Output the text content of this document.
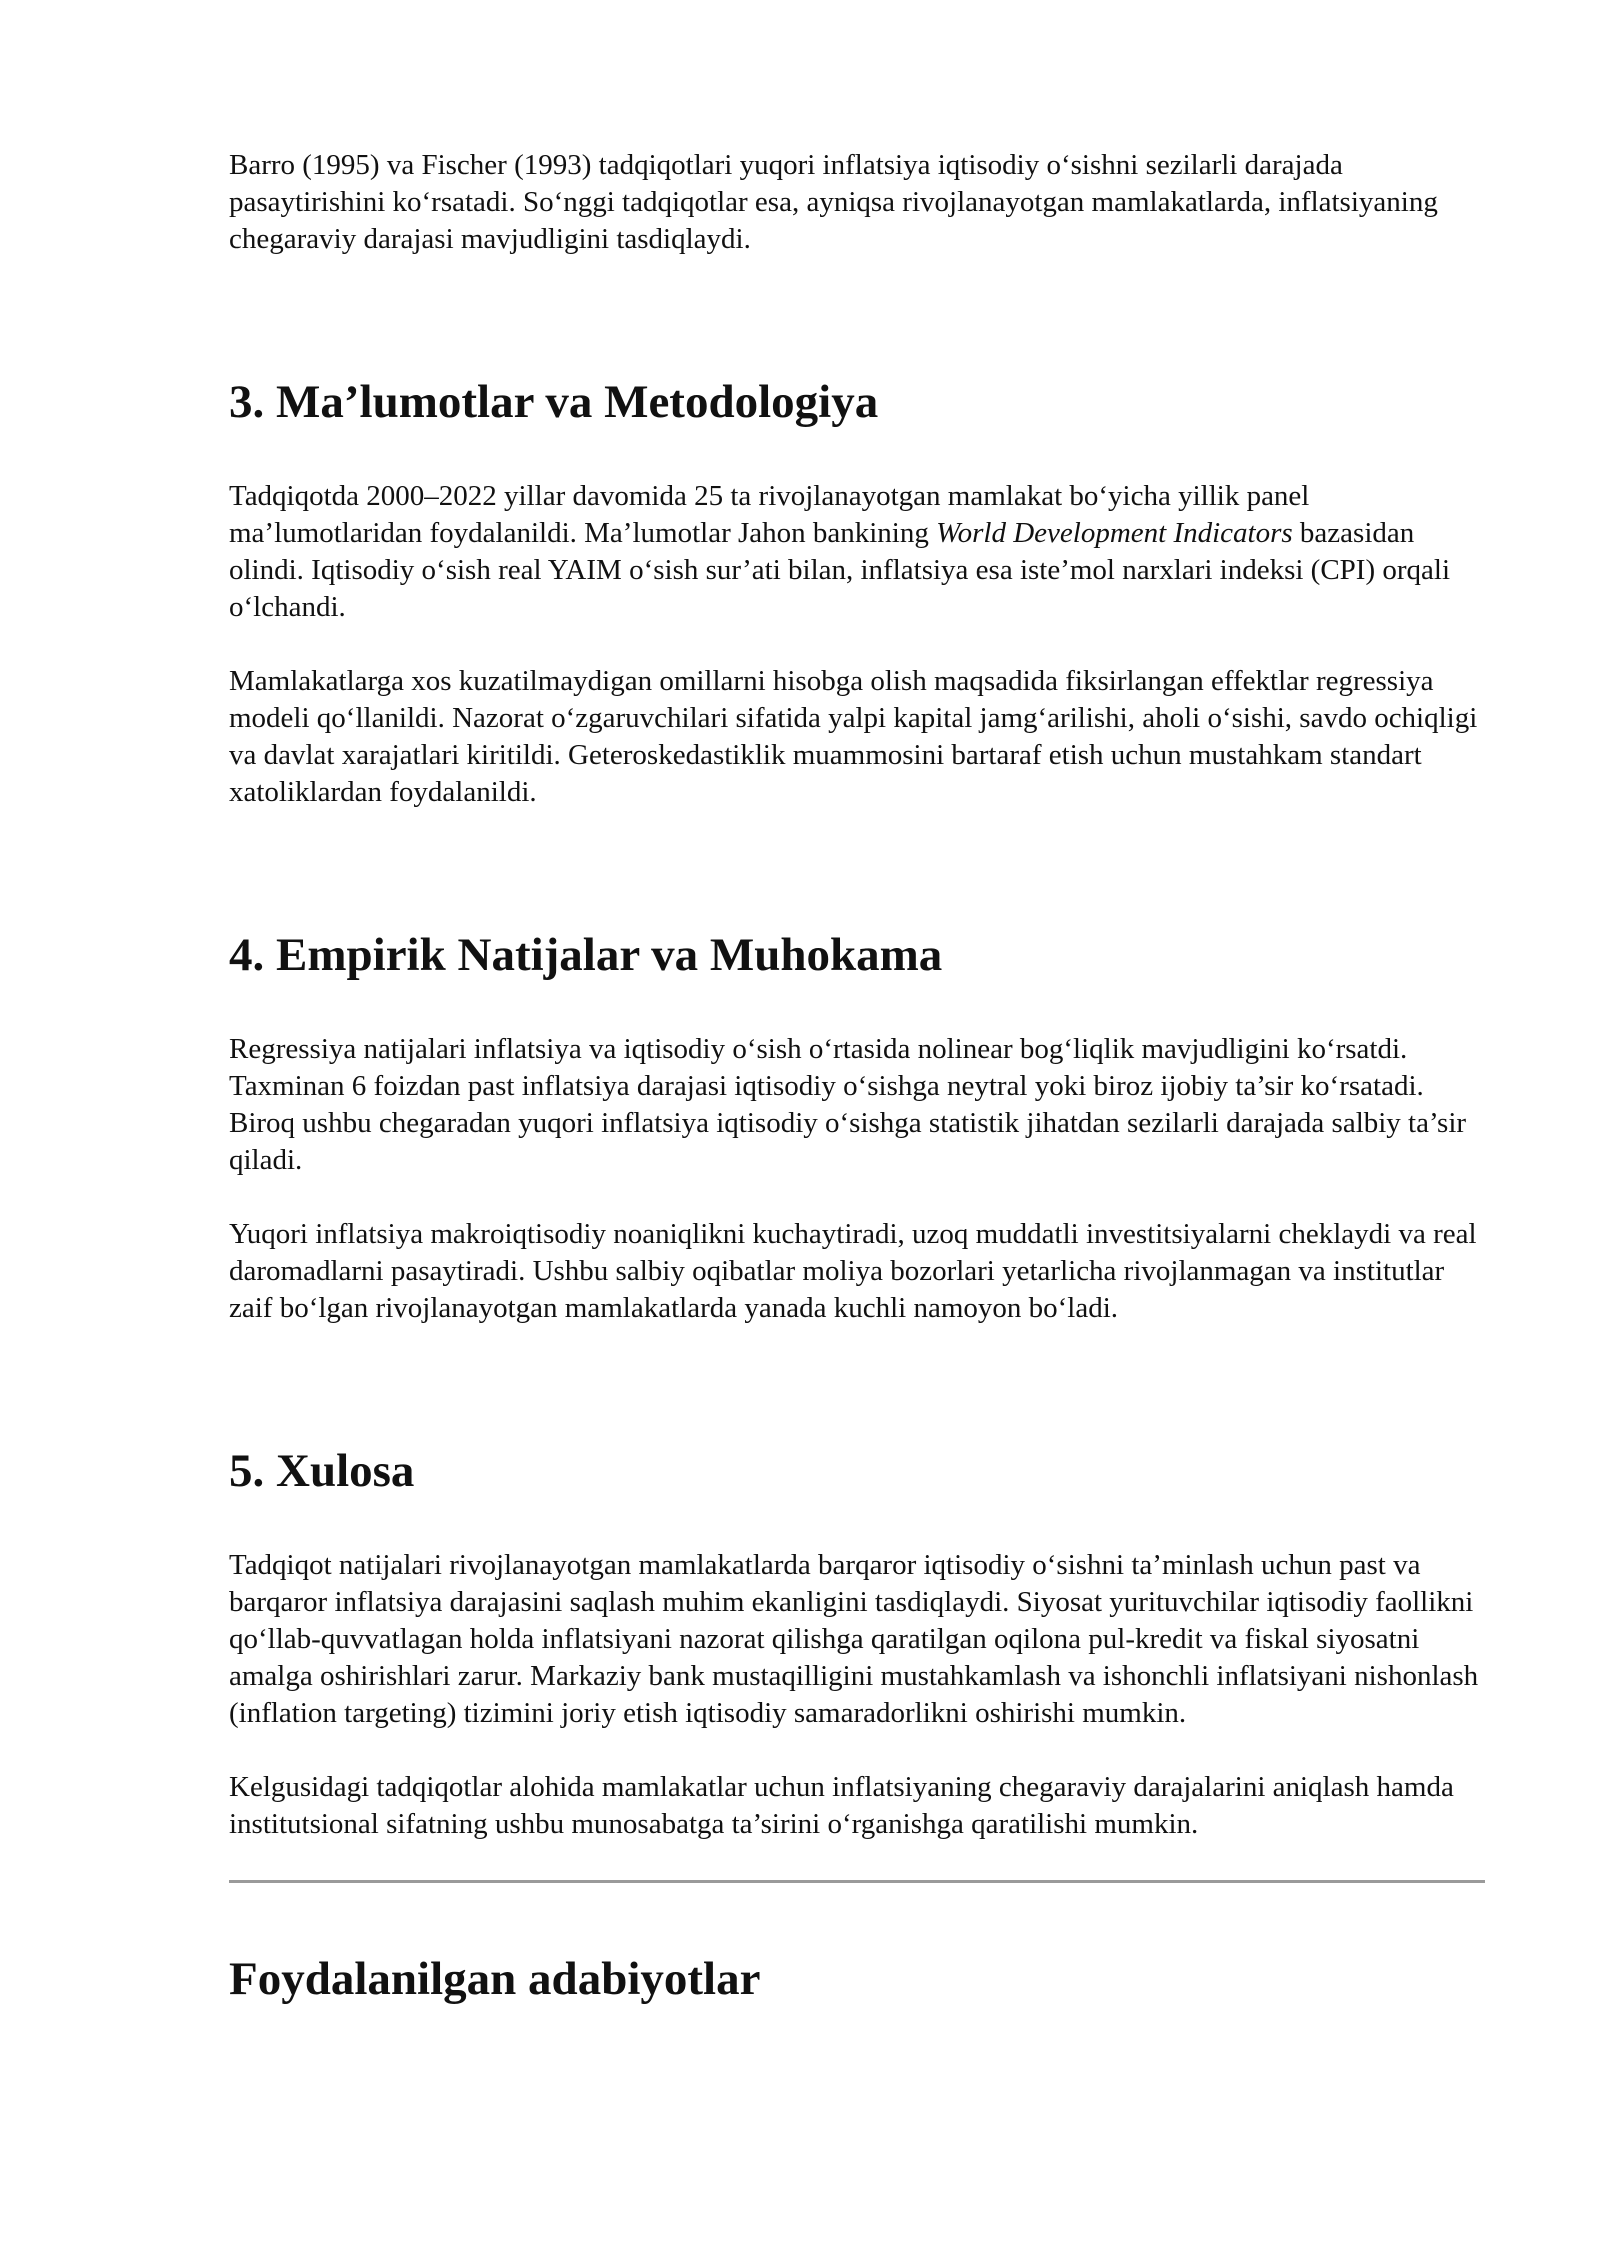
Barro (1995) va Fischer (1993) tadqiqotlari yuqori inflatsiya iqtisodiy o‘sishni sezilarli darajada pasaytirishini ko‘rsatadi. So‘nggi tadqiqotlar esa, ayniqsa rivojlanayotgan mamlakatlarda, inflatsiyaning chegaraviy darajasi mavjudligini tasdiqlaydi.

3. Ma’lumotlar va Metodologiya

Tadqiqotda 2000–2022 yillar davomida 25 ta rivojlanayotgan mamlakat bo‘yicha yillik panel ma’lumotlaridan foydalanildi. Ma’lumotlar Jahon bankining World Development Indicators bazasidan olindi. Iqtisodiy o‘sish real YAIM o‘sish sur’ati bilan, inflatsiya esa iste’mol narxlari indeksi (CPI) orqali o‘lchandi.

Mamlakatlarga xos kuzatilmaydigan omillarni hisobga olish maqsadida fiksirlangan effektlar regressiya modeli qo‘llanildi. Nazorat o‘zgaruvchilari sifatida yalpi kapital jamg‘arilishi, aholi o‘sishi, savdo ochiqligi va davlat xarajatlari kiritildi. Geteroskedastiklik muammosini bartaraf etish uchun mustahkam standart xatoliklardan foydalanildi.

4. Empirik Natijalar va Muhokama

Regressiya natijalari inflatsiya va iqtisodiy o‘sish o‘rtasida nolinear bog‘liqlik mavjudligini ko‘rsatdi. Taxminan 6 foizdan past inflatsiya darajasi iqtisodiy o‘sishga neytral yoki biroz ijobiy ta’sir ko‘rsatadi. Biroq ushbu chegaradan yuqori inflatsiya iqtisodiy o‘sishga statistik jihatdan sezilarli darajada salbiy ta’sir qiladi.

Yuqori inflatsiya makroiqtisodiy noaniqlikni kuchaytiradi, uzoq muddatli investitsiyalarni cheklaydi va real daromadlarni pasaytiradi. Ushbu salbiy oqibatlar moliya bozorlari yetarlicha rivojlanmagan va institutlar zaif bo‘lgan rivojlanayotgan mamlakatlarda yanada kuchli namoyon bo‘ladi.

5. Xulosa

Tadqiqot natijalari rivojlanayotgan mamlakatlarda barqaror iqtisodiy o‘sishni ta’minlash uchun past va barqaror inflatsiya darajasini saqlash muhim ekanligini tasdiqlaydi. Siyosat yurituvchilar iqtisodiy faollikni qo‘llab-quvvatlagan holda inflatsiyani nazorat qilishga qaratilgan oqilona pul-kredit va fiskal siyosatni amalga oshirishlari zarur. Markaziy bank mustaqilligini mustahkamlash va ishonchli inflatsiyani nishonlash (inflation targeting) tizimini joriy etish iqtisodiy samaradorlikni oshirishi mumkin.

Kelgusidagi tadqiqotlar alohida mamlakatlar uchun inflatsiyaning chegaraviy darajalarini aniqlash hamda institutsional sifatning ushbu munosabatga ta’sirini o‘rganishga qaratilishi mumkin.

Foydalanilgan adabiyotlar
